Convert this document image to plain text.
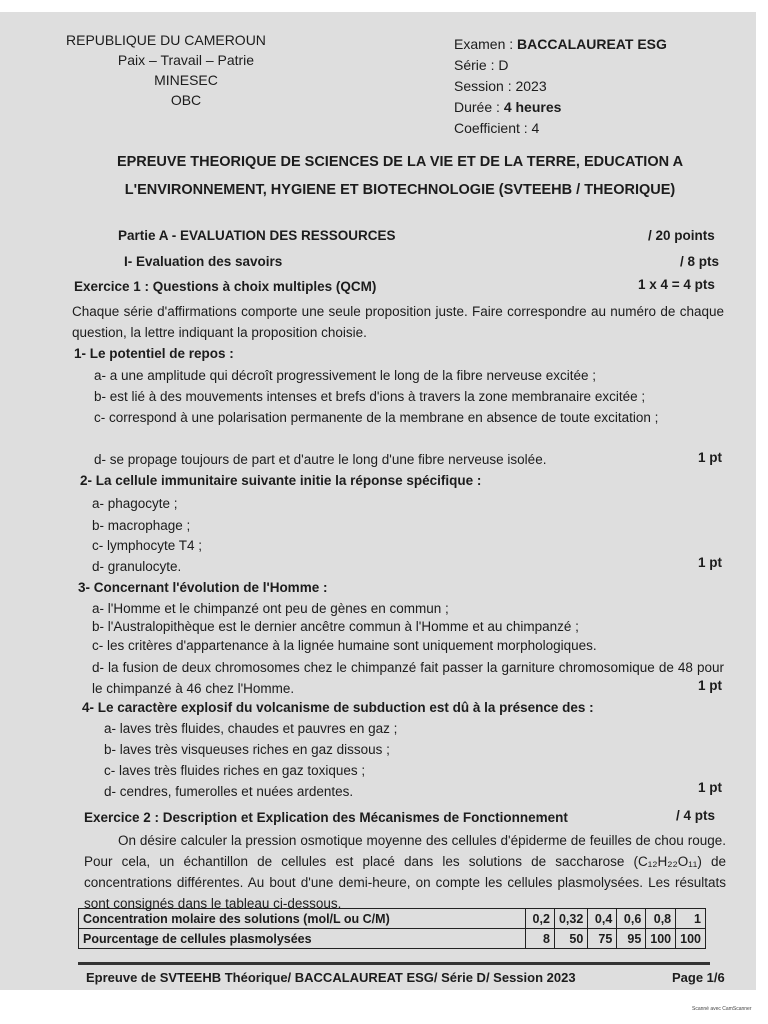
REPUBLIQUE DU CAMEROUN
Paix – Travail – Patrie
MINESEC
OBC
Examen : BACCALAUREAT ESG
Série : D
Session : 2023
Durée : 4 heures
Coefficient : 4
EPREUVE THEORIQUE DE SCIENCES DE LA VIE ET DE LA TERRE, EDUCATION A
L'ENVIRONNEMENT, HYGIENE ET BIOTECHNOLOGIE (SVTEEHB / THEORIQUE)
Partie A - EVALUATION DES RESSOURCES	/ 20 points
I- Evaluation des savoirs	/ 8 pts
Exercice 1 : Questions à choix multiples (QCM)	1 x 4 = 4 pts
Chaque série d'affirmations comporte une seule proposition juste. Faire correspondre au numéro de chaque question, la lettre indiquant la proposition choisie.
1- Le potentiel de repos :
a- a une amplitude qui décroît progressivement le long de la fibre nerveuse excitée ;
b- est lié à des mouvements intenses et brefs d'ions à travers la zone membranaire excitée ;
c- correspond à une polarisation permanente de la membrane en absence de toute excitation ;
d- se propage toujours de part et d'autre le long d'une fibre nerveuse isolée.	1 pt
2- La cellule immunitaire suivante initie la réponse spécifique :
a- phagocyte ;
b- macrophage ;
c- lymphocyte T4 ;
d- granulocyte.	1 pt
3- Concernant l'évolution de l'Homme :
a- l'Homme et le chimpanzé ont peu de gènes en commun ;
b- l'Australopithèque est le dernier ancêtre commun à l'Homme et au chimpanzé ;
c- les critères d'appartenance à la lignée humaine sont uniquement morphologiques.
d- la fusion de deux chromosomes chez le chimpanzé fait passer la garniture chromosomique de 48 pour le chimpanzé à 46 chez l'Homme.	1 pt
4- Le caractère explosif du volcanisme de subduction est dû à la présence des :
a- laves très fluides, chaudes et pauvres en gaz ;
b- laves très visqueuses riches en gaz dissous ;
c- laves très fluides riches en gaz toxiques ;
d- cendres, fumerolles et nuées ardentes.	1 pt
Exercice 2 : Description et Explication des Mécanismes de Fonctionnement	/ 4 pts
On désire calculer la pression osmotique moyenne des cellules d'épiderme de feuilles de chou rouge. Pour cela, un échantillon de cellules est placé dans les solutions de saccharose (C₁₂H₂₂O₁₁) de concentrations différentes. Au bout d'une demi-heure, on compte les cellules plasmolysées. Les résultats sont consignés dans le tableau ci-dessous.
Concentration molaire des solutions (mol/L ou C/M)	0,2	0,32	0,4	0,6	0,8	1
Pourcentage de cellules plasmolysées	8	50	75	95	100	100
Epreuve de SVTEEHB Théorique/ BACCALAUREAT ESG/ Série D/ Session 2023	Page 1/6
Scanné avec CamScanner
